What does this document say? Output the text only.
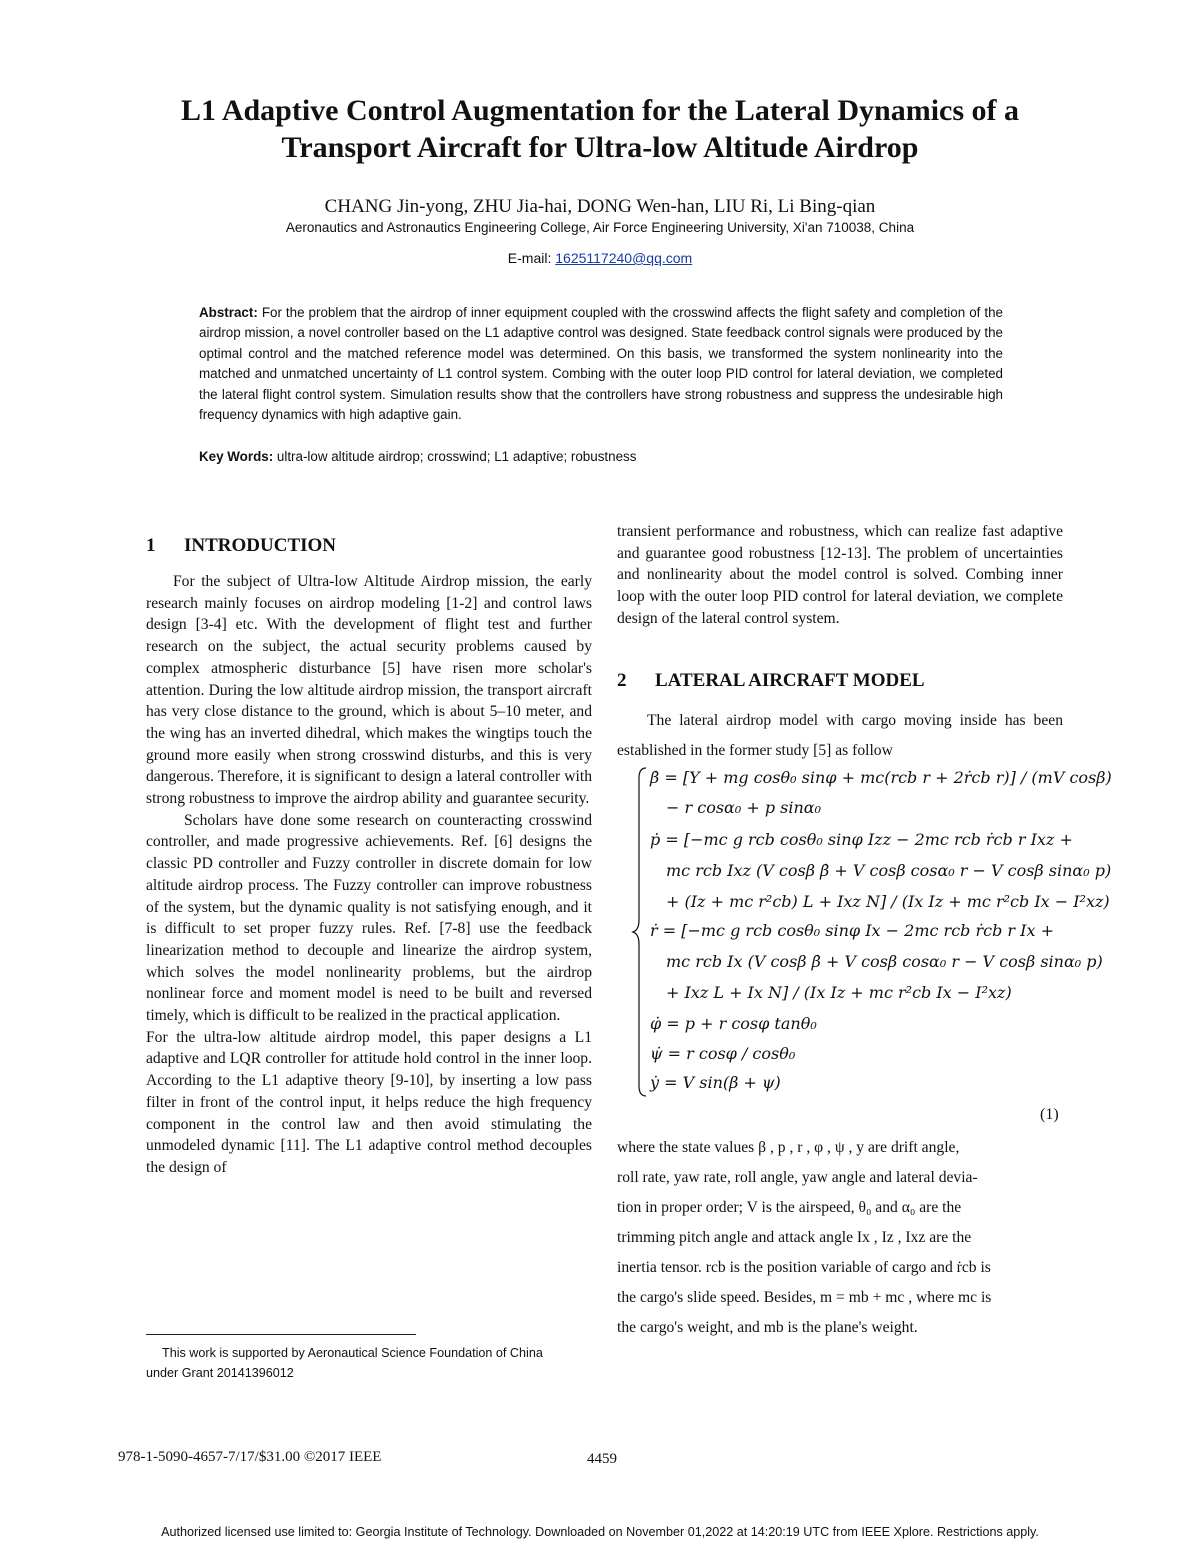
L1 Adaptive Control Augmentation for the Lateral Dynamics of a
Transport Aircraft for Ultra-low Altitude Airdrop
CHANG Jin-yong, ZHU Jia-hai, DONG Wen-han, LIU Ri, Li Bing-qian
Aeronautics and Astronautics Engineering College, Air Force Engineering University, Xi'an 710038, China
E-mail: 1625117240@qq.com
Abstract: For the problem that the airdrop of inner equipment coupled with the crosswind affects the flight safety and completion of the airdrop mission, a novel controller based on the L1 adaptive control was designed. State feedback control signals were produced by the optimal control and the matched reference model was determined. On this basis, we transformed the system nonlinearity into the matched and unmatched uncertainty of L1 control system. Combing with the outer loop PID control for lateral deviation, we completed the lateral flight control system. Simulation results show that the controllers have strong robustness and suppress the undesirable high frequency dynamics with high adaptive gain.
Key Words: ultra-low altitude airdrop; crosswind; L1 adaptive; robustness
1 INTRODUCTION

For the subject of Ultra-low Altitude Airdrop mission, the early research mainly focuses on airdrop modeling [1-2] and control laws design [3-4] etc. With the development of flight test and further research on the subject, the actual security problems caused by complex atmospheric disturbance [5] have risen more scholar's attention. During the low altitude airdrop mission, the transport aircraft has very close distance to the ground, which is about 5–10 meter, and the wing has an inverted dihedral, which makes the wingtips touch the ground more easily when strong crosswind disturbs, and this is very dangerous. Therefore, it is significant to design a lateral controller with strong robustness to improve the airdrop ability and guarantee security.

Scholars have done some research on counteracting crosswind controller, and made progressive achievements. Ref. [6] designs the classic PD controller and Fuzzy controller in discrete domain for low altitude airdrop process. The Fuzzy controller can improve robustness of the system, but the dynamic quality is not satisfying enough, and it is difficult to set proper fuzzy rules. Ref. [7-8] use the feedback linearization method to decouple and linearize the airdrop system, which solves the model nonlinearity problems, but the airdrop nonlinear force and moment model is need to be built and reversed timely, which is difficult to be realized in the practical application.

For the ultra-low altitude airdrop model, this paper designs a L1 adaptive and LQR controller for attitude hold control in the inner loop. According to the L1 adaptive theory [9-10], by inserting a low pass filter in front of the control input, it helps reduce the high frequency component in the control law and then avoid stimulating the unmodeled dynamic [11]. The L1 adaptive control method decouples the design of

This work is supported by Aeronautical Science Foundation of China
under Grant 20141396012

transient performance and robustness, which can realize fast adaptive and guarantee good robustness [12-13]. The problem of uncertainties and nonlinearity about the model control is solved. Combing inner loop with the outer loop PID control for lateral deviation, we complete design of the lateral control system.

2 LATERAL AIRCRAFT MODEL
The lateral airdrop model with cargo moving inside has been established in the former study [5] as follow
β̇ = [Y + mg cosθ₀ sinφ + mc(rcb r + 2ṙcb r)] / (mV cosβ)
− r cosα₀ + p sinα₀
ṗ = [−mc g rcb cosθ₀ sinφ Izz − 2mc rcb ṙcb r Ixz +
mc rcb Ixz (V cosβ β̇ + V cosβ cosα₀ r − V cosβ sinα₀ p)
+ (Iz + mc r²cb) L + Ixz N] / (Ix Iz + mc r²cb Ix − I²xz)
ṙ = [−mc g rcb cosθ₀ sinφ Ix − 2mc rcb ṙcb r Ix +
mc rcb Ix (V cosβ β̇ + V cosβ cosα₀ r − V cosβ sinα₀ p)
+ Ixz L + Ix N] / (Ix Iz + mc r²cb Ix − I²xz)
φ̇ = p + r cosφ tanθ₀
ψ̇ = r cosφ / cosθ₀
ẏ = V sin(β + ψ)
(1)
where the state values β , p , r , φ , ψ , y are drift angle,
roll rate, yaw rate, roll angle, yaw angle and lateral devia-
tion in proper order; V is the airspeed, θ₀ and α₀ are the
trimming pitch angle and attack angle Ix , Iz , Ixz are the
inertia tensor. rcb is the position variable of cargo and ṙcb is
the cargo's slide speed. Besides, m = mb + mc , where mc is
the cargo's weight, and mb is the plane's weight.
978-1-5090-4657-7/17/$31.00 ©2017 IEEE	4459
Authorized licensed use limited to: Georgia Institute of Technology. Downloaded on November 01,2022 at 14:20:19 UTC from IEEE Xplore. Restrictions apply.
